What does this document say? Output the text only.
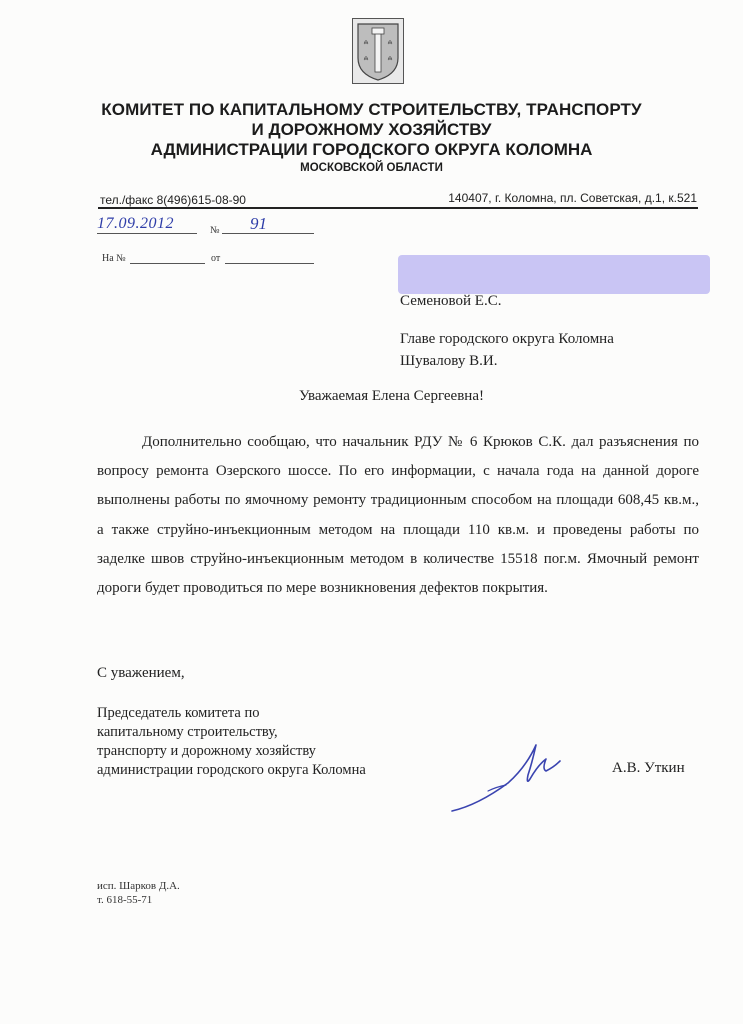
КОМИТЕТ ПО КАПИТАЛЬНОМУ СТРОИТЕЛЬСТВУ, ТРАНСПОРТУ
И ДОРОЖНОМУ ХОЗЯЙСТВУ
АДМИНИСТРАЦИИ ГОРОДСКОГО ОКРУГА КОЛОМНА
МОСКОВСКОЙ ОБЛАСТИ
тел./факс 8(496)615-08-90	140407, г. Коломна, пл. Советская, д.1, к.521
17.09.2012	№ 91
На №	от
Семеновой Е.С.
Главе городского округа Коломна
Шувалову В.И.
Уважаемая Елена Сергеевна!

Дополнительно сообщаю, что начальник РДУ № 6 Крюков С.К. дал разъяснения по вопросу ремонта Озерского шоссе. По его информации, с начала года на данной дороге выполнены работы по ямочному ремонту традиционным способом на площади 608,45 кв.м., а также струйно-инъекционным методом на площади 110 кв.м. и проведены работы по заделке швов струйно-инъекционным методом в количестве 15518 пог.м. Ямочный ремонт дороги будет проводиться по мере возникновения дефектов покрытия.

С уважением,
Председатель комитета по
капитальному строительству,
транспорту и дорожному хозяйству
администрации городского округа Коломна	А.В. Уткин
исп. Шарков Д.А.
т. 618-55-71
